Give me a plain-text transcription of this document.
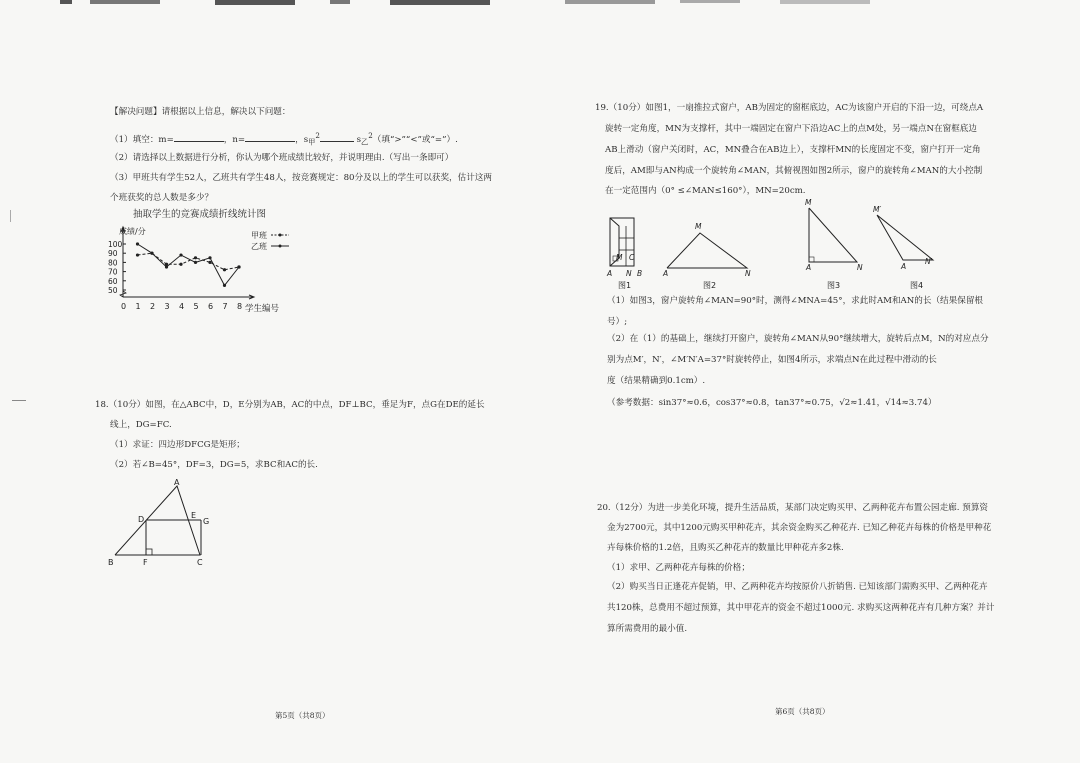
【解决问题】请根据以上信息，解决以下问题：
（1）填空：m=	，n=	，$s_甲^2$	$s_乙^2$（填“>”“<”或“=”）.
（2）请选择以上数据进行分析，你认为哪个班成绩比较好，并说明理由.（写出一条即可）
（3）甲班共有学生52人，乙班共有学生48人，按竞赛规定：80分及以上的学生可以获奖，估计这两
个班获奖的总人数是多少？
抽取学生的竞赛成绩折线统计图
成绩/分
100
90
80
70
60
50
0 1 2 3 4 5 6 7 8 学生编号
甲班
乙班
18.（10分）如图，在△ABC中，D，E分别为AB，AC的中点，DF⊥BC，垂足为F，点G在DE的延长
线上，DG=FC.
（1）求证：四边形DFCG是矩形；
（2）若∠B=45°，DF=3，DG=5，求BC和AC的长.
A
D	E
G
B	F	C
第5页（共8页）
19.（10分）如图1，一扇推拉式窗户，AB为固定的窗框底边，AC为该窗户开启的下沿一边，可绕点A
旋转一定角度，MN为支撑杆，其中一端固定在窗户下沿边AC上的点M处，另一端点N在窗框底边
AB上滑动（窗户关闭时，AC，MN叠合在AB边上），支撑杆MN的长度固定不变，窗户打开一定角
度后，AM即与AN构成一个旋转角∠MAN，其俯视图如图2所示，窗户的旋转角∠MAN的大小控制
在一定范围内（0° ≤∠MAN≤160°），MN=20cm.
M C
A N B
图1
M
A	N
图2
M
A	N
图3
M′
A
N′
图4
（1）如图3，窗户旋转角∠MAN=90°时，测得∠MNA=45°，求此时AM和AN的长（结果保留根
号）;
（2）在（1）的基础上，继续打开窗户，旋转角∠MAN从90°继续增大，旋转后点M，N的对应点分
别为点M′，N′，∠M′N′A=37°时旋转停止，如图4所示，求端点N在此过程中滑动的长
度（结果精确到0.1cm）.
（参考数据：sin37°≈0.6，cos37°≈0.8，tan37°≈0.75，√2≈1.41，√14≈3.74）
20.（12分）为进一步美化环境，提升生活品质，某部门决定购买甲、乙两种花卉布置公园走廊. 预算资
金为2700元，其中1200元购买甲种花卉，其余资金购买乙种花卉. 已知乙种花卉每株的价格是甲种花
卉每株价格的1.2倍，且购买乙种花卉的数量比甲种花卉多2株.
（1）求甲、乙两种花卉每株的价格；
（2）购买当日正逢花卉促销，甲、乙两种花卉均按原价八折销售. 已知该部门需购买甲、乙两种花卉
共120株，总费用不超过预算，其中甲花卉的资金不超过1000元. 求购买这两种花卉有几种方案？并计
算所需费用的最小值.
第6页（共8页）
